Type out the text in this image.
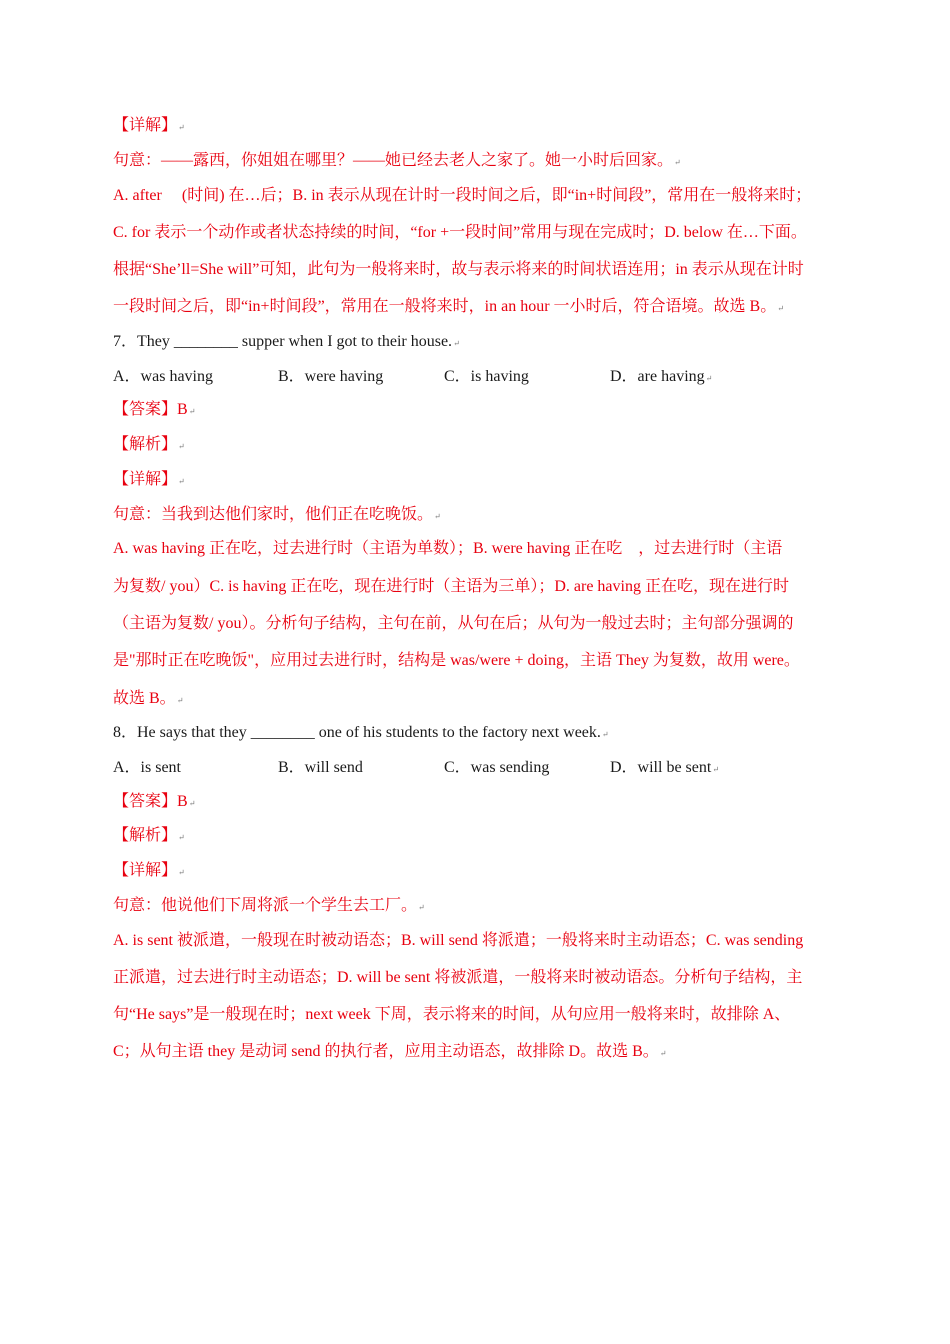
【详解】↵
句意：——露西，你姐姐在哪里？——她已经去老人之家了。她一小时后回家。↵
A. after　 (时间) 在…后；B. in 表示从现在计时一段时间之后，即“in+时间段”，常用在一般将来时；
C. for 表示一个动作或者状态持续的时间，“for +一段时间”常用与现在完成时；D. below 在…下面。
根据“She’ll=She will”可知，此句为一般将来时，故与表示将来的时间状语连用；in 表示从现在计时
一段时间之后，即“in+时间段”，常用在一般将来时，in an hour 一小时后，符合语境。故选 B。↵
7．They ________ supper when I got to their house.↵
A．was having	B．were having	C．is having	D．are having↵
【答案】B↵
【解析】↵
【详解】↵
句意：当我到达他们家时，他们正在吃晚饭。↵
A. was having 正在吃，过去进行时（主语为单数）；B. were having 正在吃　，过去进行时（主语
为复数/ you）C. is having 正在吃，现在进行时（主语为三单）；D. are having 正在吃，现在进行时
（主语为复数/ you）。分析句子结构，主句在前，从句在后；从句为一般过去时；主句部分强调的
是"那时正在吃晚饭"，应用过去进行时，结构是 was/were + doing，主语 They 为复数，故用 were。
故选 B。↵
8．He says that they ________ one of his students to the factory next week.↵
A．is sent	B．will send	C．was sending	D．will be sent↵
【答案】B↵
【解析】↵
【详解】↵
句意：他说他们下周将派一个学生去工厂。↵
A. is sent 被派遣，一般现在时被动语态；B. will send 将派遣；一般将来时主动语态；C. was sending
正派遣，过去进行时主动语态；D. will be sent 将被派遣，一般将来时被动语态。分析句子结构，主
句“He says”是一般现在时；next week 下周，表示将来的时间，从句应用一般将来时，故排除 A、
C；从句主语 they 是动词 send 的执行者，应用主动语态，故排除 D。故选 B。↵
